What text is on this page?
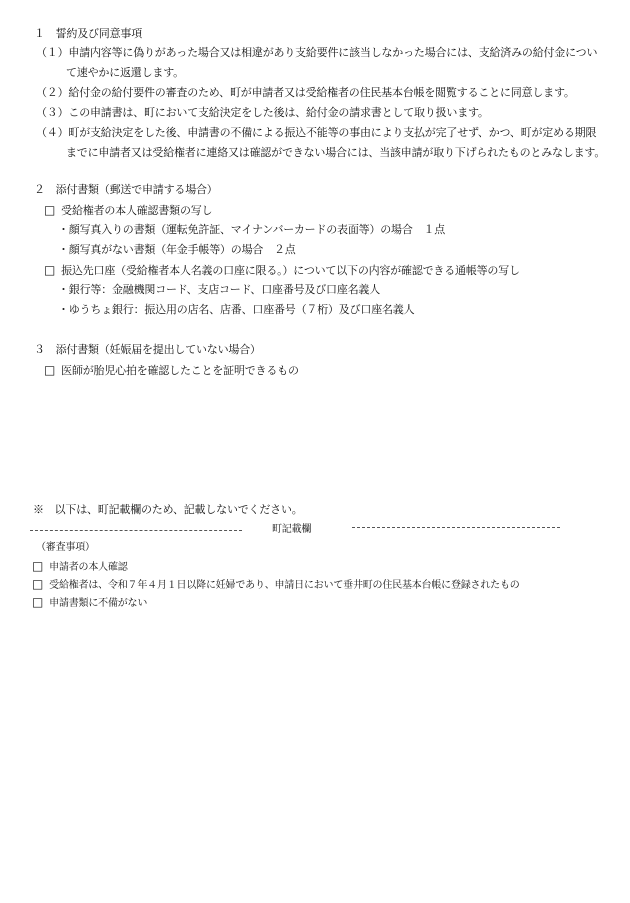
１　誓約及び同意事項
（１）申請内容等に偽りがあった場合又は相違があり支給要件に該当しなかった場合には、支給済みの給付金につい
て速やかに返還します。
（２）給付金の給付要件の審査のため、町が申請者又は受給権者の住民基本台帳を閲覧することに同意します。
（３）この申請書は、町において支給決定をした後は、給付金の請求書として取り扱います。
（４）町が支給決定をした後、申請書の不備による振込不能等の事由により支払が完了せず、かつ、町が定める期限
までに申請者又は受給権者に連絡又は確認ができない場合には、当該申請が取り下げられたものとみなします。
２　添付書類（郵送で申請する場合）
□ 受給権者の本人確認書類の写し
・顔写真入りの書類（運転免許証、マイナンバーカードの表面等）の場合　１点
・顔写真がない書類（年金手帳等）の場合　２点
□ 振込先口座（受給権者本人名義の口座に限る。）について以下の内容が確認できる通帳等の写し
・銀行等：金融機関コード、支店コード、口座番号及び口座名義人
・ゆうちょ銀行：振込用の店名、店番、口座番号（７桁）及び口座名義人
３　添付書類（妊娠届を提出していない場合）
□ 医師が胎児心拍を確認したことを証明できるもの
※　以下は、町記載欄のため、記載しないでください。
町記載欄
（審査事項）
□ 申請者の本人確認
□ 受給権者は、令和７年４月１日以降に妊婦であり、申請日において垂井町の住民基本台帳に登録されたもの
□ 申請書類に不備がない
